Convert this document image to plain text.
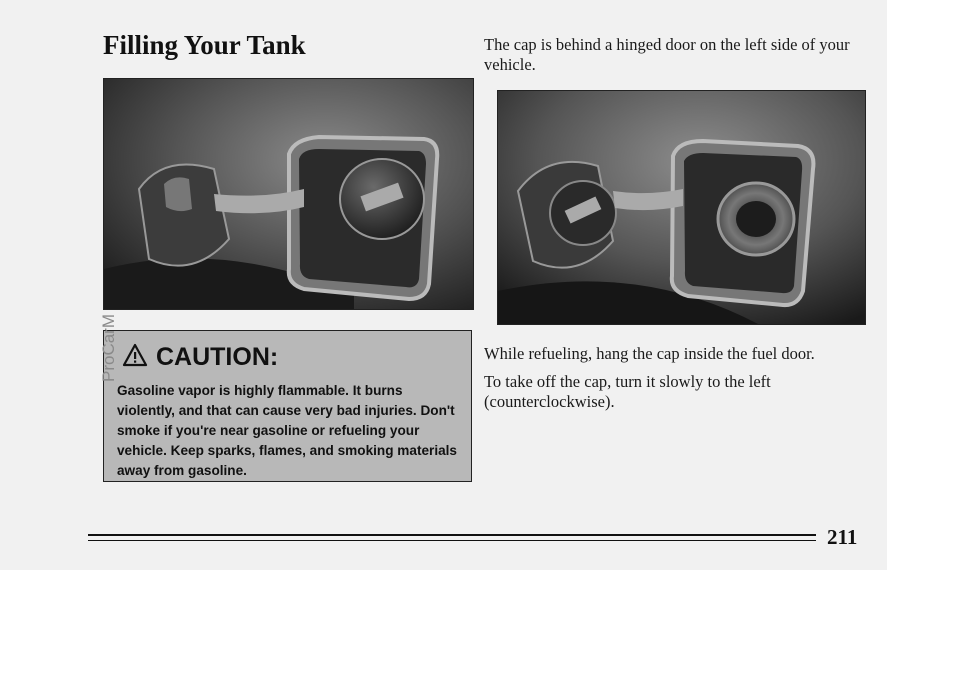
Filling Your Tank	The cap is behind a hinged door on the left side of your vehicle.
CAUTION:
Gasoline vapor is highly flammable. It burns violently, and that can cause very bad injuries. Don't smoke if you're near gasoline or refueling your vehicle. Keep sparks, flames, and smoking materials away from gasoline.
While refueling, hang the cap inside the fuel door.
To take off the cap, turn it slowly to the left (counterclockwise).
ProCarM
211
